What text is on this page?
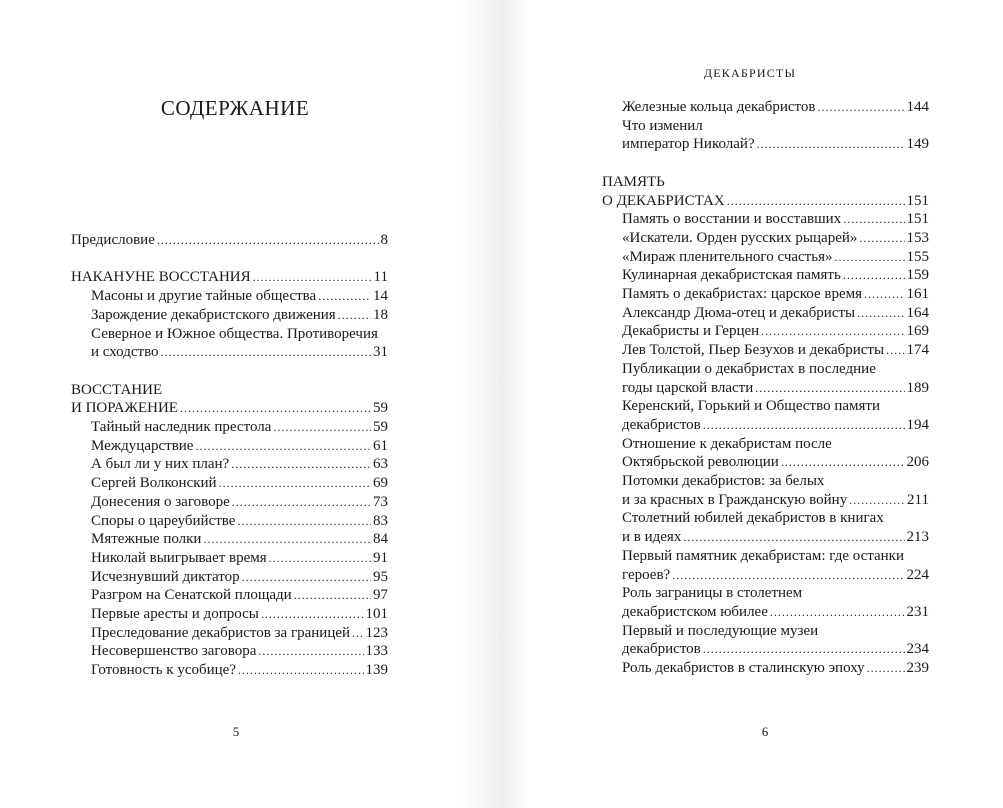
СОДЕРЖАНИЕ
Предисловие .....	8
НАКАНУНЕ ВОССТАНИЯ .....	11
Масоны и другие тайные общества .....	14
Зарождение декабристского движения ..... 18
Северное и Южное общества. Противоречия
и сходство .....	31
ВОССТАНИЕ
И ПОРАЖЕНИЕ .....	59
Тайный наследник престола .....	59
Междуцарствие .....	61
А был ли у них план? .....	63
Сергей Волконский .....	69
Донесения о заговоре .....	73
Споры о цареубийстве .....	83
Мятежные полки .....	84
Николай выигрывает время .....	91
Исчезнувший диктатор .....	95
Разгром на Сенатской площади .....	97
Первые аресты и допросы .....	101
Преследование декабристов за границей ..... 123
Несовершенство заговора .....	133
Готовность к усобице? .....	139
5
ДЕКАБРИСТЫ
Железные кольца декабристов .....	144
Что изменил
император Николай? .....	149
ПАМЯТЬ
О ДЕКАБРИСТАХ .....	151
Память о восстании и восставших .....	151
«Искатели. Орден русских рыцарей» .....	153
«Мираж пленительного счастья» .....	155
Кулинарная декабристская память .....	159
Память о декабристах: царское время .....	161
Александр Дюма-отец и декабристы .....	164
Декабристы и Герцен .....	169
Лев Толстой, Пьер Безухов и декабристы ..... 174
Публикации о декабристах в последние
годы царской власти .....	189
Керенский, Горький и Общество памяти
декабристов .....	194
Отношение к декабристам после
Октябрьской революции .....	206
Потомки декабристов: за белых
и за красных в Гражданскую войну .....	211
Столетний юбилей декабристов в книгах
и в идеях .....	213
Первый памятник декабристам: где останки
героев? .....	224
Роль заграницы в столетнем
декабристском юбилее .....	231
Первый и последующие музеи
декабристов .....	234
Роль декабристов в сталинскую эпоху .....	239
6
